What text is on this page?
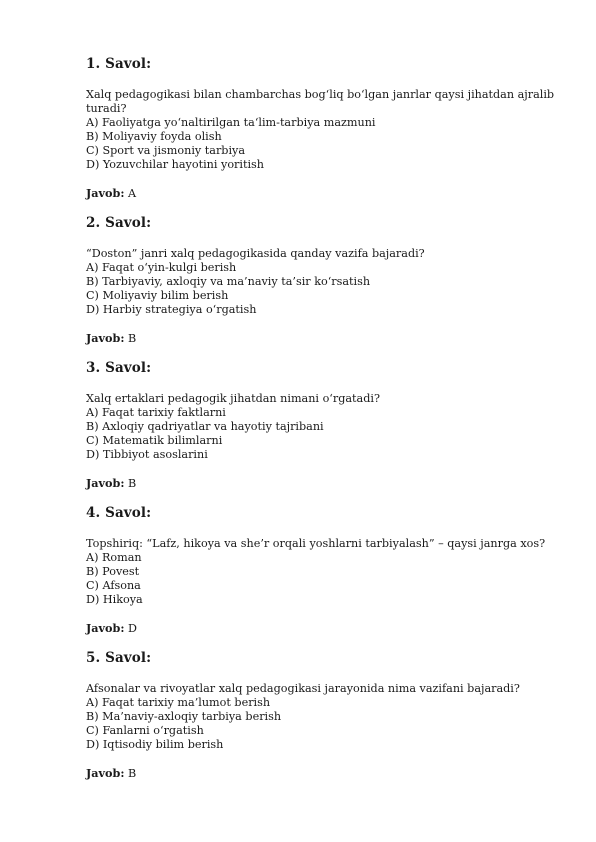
1. Savol:

Xalq pedagogikasi bilan chambarchas bog‘liq bo‘lgan janrlar qaysi jihatdan ajralib turadi?

A) Faoliyatga yo‘naltirilgan ta‘lim-tarbiya mazmuni
B) Moliyaviy foyda olish
C) Sport va jismoniy tarbiya
D) Yozuvchilar hayotini yoritish

Javob: A

2. Savol:

“Doston” janri xalq pedagogikasida qanday vazifa bajaradi?

A) Faqat o‘yin-kulgi berish
B) Tarbiyaviy, axloqiy va ma’naviy ta’sir ko‘rsatish
C) Moliyaviy bilim berish
D) Harbiy strategiya o‘rgatish

Javob: B

3. Savol:

Xalq ertaklari pedagogik jihatdan nimani o‘rgatadi?

A) Faqat tarixiy faktlarni
B) Axloqiy qadriyatlar va hayotiy tajribani
C) Matematik bilimlarni
D) Tibbiyot asoslarini

Javob: B

4. Savol:

Topshiriq: “Lafz, hikoya va she’r orqali yoshlarni tarbiyalash” – qaysi janrga xos?

A) Roman
B) Povest
C) Afsona
D) Hikoya

Javob: D

5. Savol:

Afsonalar va rivoyatlar xalq pedagogikasi jarayonida nima vazifani bajaradi?

A) Faqat tarixiy ma’lumot berish
B) Ma’naviy-axloqiy tarbiya berish
C) Fanlarni o‘rgatish
D) Iqtisodiy bilim berish

Javob: B
